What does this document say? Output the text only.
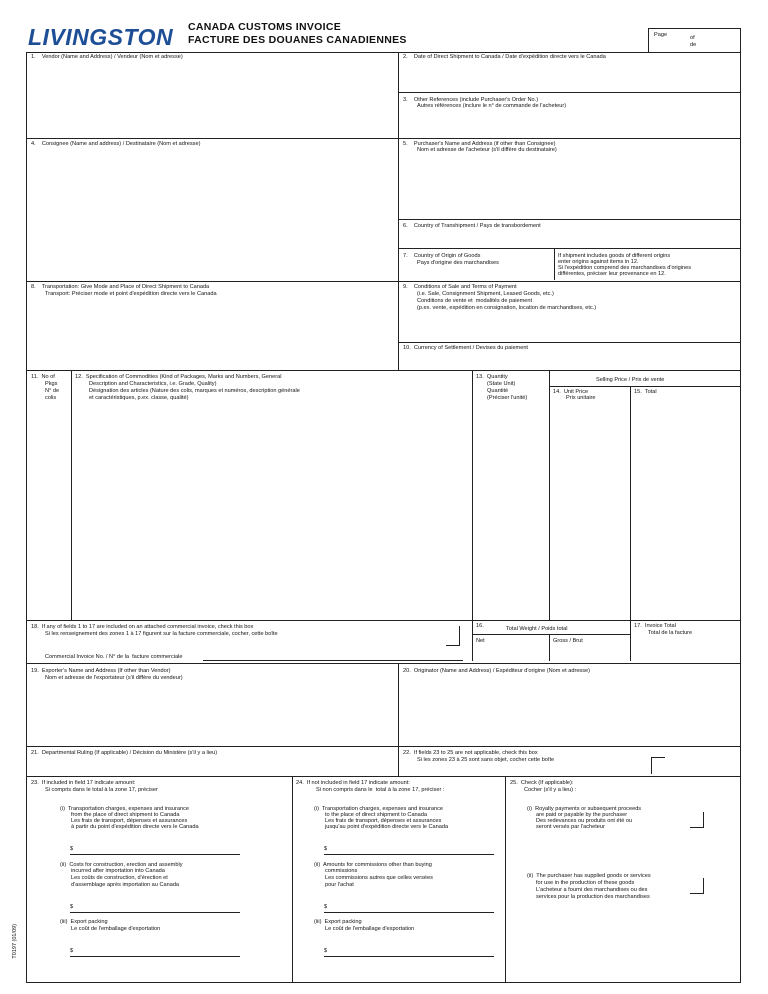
LIVINGSTON CANADA CUSTOMS INVOICE
FACTURE DES DOUANES CANADIENNES	Page	of
de
1.    Vendor (Name and Address) / Vendeur (Nom et adresse)	2.    Date of Direct Shipment to Canada / Date d'expédition directe vers le Canada
3.    Other References (include Purchaser's Order No.)
Autres références (inclure le n° de commande de l'acheteur)
4.    Consignee (Name and address) / Destinataire (Nom et adresse)	5.    Purchaser's Name and Address (if other than Consignee)
Nom et adresse de l'acheteur (s'il diffère du destinataire)
6.    Country of Transhipment / Pays de transbordement
7.    Country of Origin of Goods
Pays d'origine des marchandises
If shipment includes goods of different origins
enter origins against items in 12.
Si l'expédition comprend des marchandises d'origines
différentes, préciser leur provenance en 12.
8.    Transportation: Give Mode and Place of Direct Shipment to Canada
Transport: Préciser mode et point d'expédition directe vers le Canada
9.    Conditions of Sale and Terms of Payment
(i.e. Sale, Consignment Shipment, Leased Goods, etc.)
Conditions de vente et  modalités de paiement
(p.ex. vente, expédition en consignation, location de marchandises, etc.)
10.  Currency of Settlement / Devises du paiement
11.  No of
Pkgs
N° de
colis
12.  Specification of Commodities (Kind of Packages, Marks and Numbers, General
Description and Characteristics, i.e. Grade, Quality)
Désignation des articles (Nature des colis, marques et numéros, description générale
et caractéristiques, p.ex. classe, qualité)
13.  Quantity
(State Unit)
Quantité
(Préciser l'unité)
Selling Price / Prix de vente
14.  Unit Price
Prix unitaire
15.  Total
18.  If any of fields 1 to 17 are included on an attached commercial invoice, check this box
Si les renseignement des zones 1 à 17 figurent sur la facture commerciale, cocher, cette boîte
Commercial Invoice No. / N° de la  facture commerciale
16.	Total Weight / Poids total
Net	Gross / Brut
17.  Invoice Total
Total de la facture
19.  Exporter's Name and Address (If other than Vendor)
Nom et adresse de l'exportateur (s'il diffère du vendeur)
20.  Originator (Name and Address) / Expéditeur d'origine (Nom et adresse)
21.  Departmental Ruling (If applicable) / Décision du Ministère (s'il y a lieu)	22.  If fields 23 to 25 are not applicable, check this box
Si les zones 23 à 25 sont sans objet, cocher cette boîte
23.  If included in field 17 indicate amount:
Si compris dans le total à la zone 17, préciser
(i)  Transportation charges, expenses and insurance
from the place of direct shipment to Canada
Les frais de transport, dépenses et assurances
à partir du point d'expédition directe vers le Canada
$
(ii)  Costs for construction, erection and assembly
incurred after importation into Canada
Les coûts de construction, d'érection et
d'assemblage après importation au Canada
$
(iii)  Export packing
Le coût de l'emballage d'exportation
$
24.  If not included in field 17 indicate amount:
Si non compris dans le  total à la zone 17, préciser :
(i)  Transportation charges, expenses and insurance
to the place of direct shipment to Canada
Les frais de transport, dépenses et assurances
jusqu'au point d'expédition directe vers le Canada
$
(ii)  Amounts for commissions other than buying
commissions
Les commissions autres que celles versées
pour l'achat
$
(iii)  Export packing
Le coût de l'emballage d'exportation
$
25.  Check (If applicable):
Cocher (s'il y a lieu) :
(i)  Royalty payments or subsequent proceeds
are paid or payable by the purchaser
Des redevances ou produits ont été ou
seront versés par l'acheteur
(ii)  The purchaser has supplied goods or services
for use in the production of these goods
L'acheteur a fourni des marchandises ou des
services pour la production des marchandises
T0197 (01/09)
